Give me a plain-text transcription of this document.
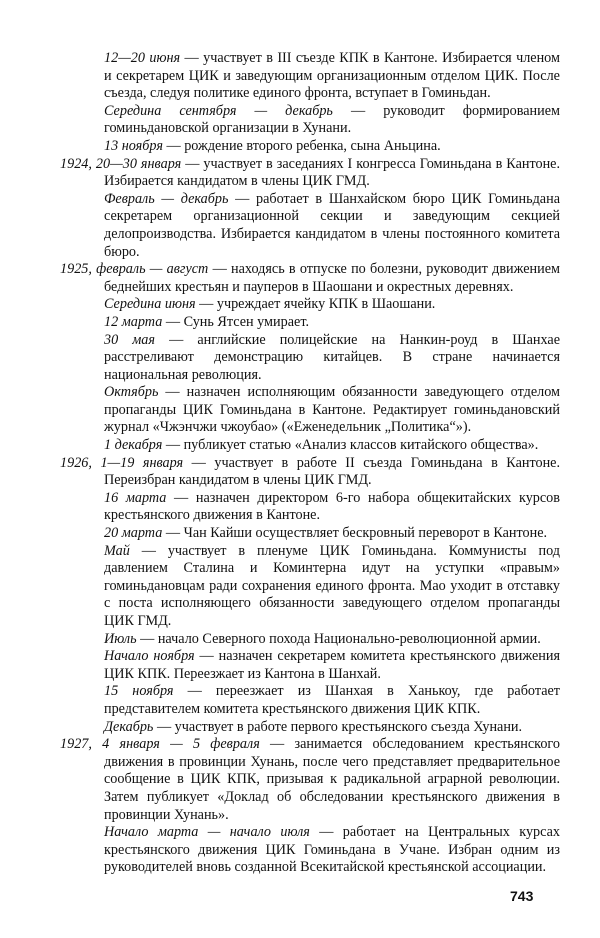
12—20 июня — участвует в III съезде КПК в Кантоне. Избирается членом и секретарем ЦИК и заведующим организационным отделом ЦИК. После съезда, следуя политике единого фронта, вступает в Гоминьдан.

Середина сентября — декабрь — руководит формированием гоминьдановской организации в Хунани.

13 ноября — рождение второго ребенка, сына Аньцина.

1924, 20—30 января — участвует в заседаниях I конгресса Гоминьдана в Кантоне. Избирается кандидатом в члены ЦИК ГМД.

Февраль — декабрь — работает в Шанхайском бюро ЦИК Гоминьдана секретарем организационной секции и заведующим секцией делопроизводства. Избирается кандидатом в члены постоянного комитета бюро.

1925, февраль — август — находясь в отпуске по болезни, руководит движением беднейших крестьян и пауперов в Шаошани и окрестных деревнях.

Середина июня — учреждает ячейку КПК в Шаошани.

12 марта — Сунь Ятсен умирает.

30 мая — английские полицейские на Нанкин-роуд в Шанхае расстреливают демонстрацию китайцев. В стране начинается национальная революция.

Октябрь — назначен исполняющим обязанности заведующего отделом пропаганды ЦИК Гоминьдана в Кантоне. Редактирует гоминьдановский журнал «Чжэнчжи чжоубао» («Еженедельник „Политика“»).

1 декабря — публикует статью «Анализ классов китайского общества».

1926, 1—19 января — участвует в работе II съезда Гоминьдана в Кантоне. Переизбран кандидатом в члены ЦИК ГМД.

16 марта — назначен директором 6-го набора общекитайских курсов крестьянского движения в Кантоне.

20 марта — Чан Кайши осуществляет бескровный переворот в Кантоне.

Май — участвует в пленуме ЦИК Гоминьдана. Коммунисты под давлением Сталина и Коминтерна идут на уступки «правым» гоминьдановцам ради сохранения единого фронта. Мао уходит в отставку с поста исполняющего обязанности заведующего отделом пропаганды ЦИК ГМД.

Июль — начало Северного похода Национально-революционной армии.

Начало ноября — назначен секретарем комитета крестьянского движения ЦИК КПК. Переезжает из Кантона в Шанхай.

15 ноября — переезжает из Шанхая в Ханькоу, где работает представителем комитета крестьянского движения ЦИК КПК.

Декабрь — участвует в работе первого крестьянского съезда Хунани.

1927, 4 января — 5 февраля — занимается обследованием крестьянского движения в провинции Хунань, после чего представляет предварительное сообщение в ЦИК КПК, призывая к радикальной аграрной революции. Затем публикует «Доклад об обследовании крестьянского движения в провинции Хунань».

Начало марта — начало июля — работает на Центральных курсах крестьянского движения ЦИК Гоминьдана в Учане. Избран одним из руководителей вновь созданной Всекитайской крестьянской ассоциации.

743
